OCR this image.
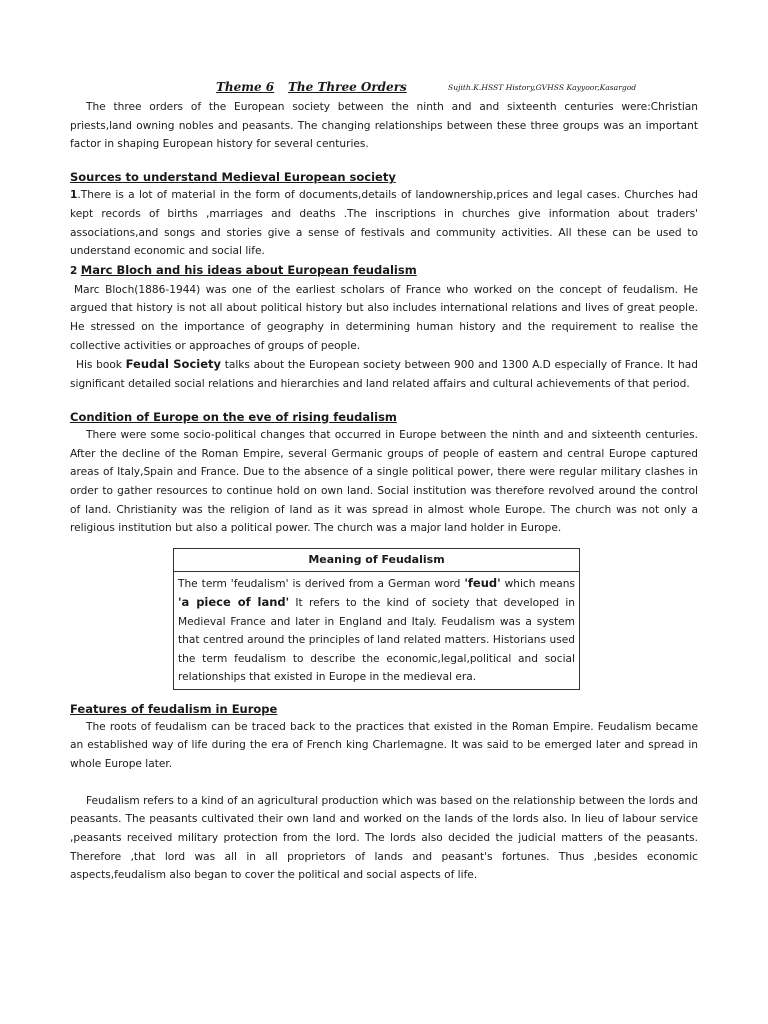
Theme 6 The Three Orders	Sujith.K.HSST History,GVHSS Kayyoor,Kasargod

The three orders of the European society between the ninth and and sixteenth centuries were:Christian priests,land owning nobles and peasants. The changing relationships between these three groups was an important factor in shaping European history for several centuries.

Sources to understand Medieval European society

1.There is a lot of material in the form of documents,details of landownership,prices and legal cases. Churches had kept records of births ,marriages and deaths .The inscriptions in churches give information about traders' associations,and songs and stories give a sense of festivals and community activities. All these can be used to understand economic and social life.

2 Marc Bloch and his ideas about European feudalism

Marc Bloch(1886-1944) was one of the earliest scholars of France who worked on the concept of feudalism. He argued that history is not all about political history but also includes international relations and lives of great people. He stressed on the importance of geography in determining human history and the requirement to realise the collective activities or approaches of groups of people.

His book Feudal Society talks about the European society between 900 and 1300 A.D especially of France. It had significant detailed social relations and hierarchies and land related affairs and cultural achievements of that period.

Condition of Europe on the eve of rising feudalism

There were some socio-political changes that occurred in Europe between the ninth and and sixteenth centuries. After the decline of the Roman Empire, several Germanic groups of people of eastern and central Europe captured areas of Italy,Spain and France. Due to the absence of a single political power, there were regular military clashes in order to gather resources to continue hold on own land. Social institution was therefore revolved around the control of land. Christianity was the religion of land as it was spread in almost whole Europe. The church was not only a religious institution but also a political power. The church was a major land holder in Europe.

Meaning of Feudalism
The term 'feudalism' is derived from a German word 'feud' which means 'a piece of land' It refers to the kind of society that developed in Medieval France and later in England and Italy. Feudalism was a system that centred around the principles of land related matters. Historians used the term feudalism to describe the economic,legal,political and social relationships that existed in Europe in the medieval era.
Features of feudalism in Europe

The roots of feudalism can be traced back to the practices that existed in the Roman Empire. Feudalism became an established way of life during the era of French king Charlemagne. It was said to be emerged later and spread in whole Europe later.

Feudalism refers to a kind of an agricultural production which was based on the relationship between the lords and peasants. The peasants cultivated their own land and worked on the lands of the lords also. In lieu of labour service ,peasants received military protection from the lord. The lords also decided the judicial matters of the peasants. Therefore ,that lord was all in all proprietors of lands and peasant's fortunes. Thus ,besides economic aspects,feudalism also began to cover the political and social aspects of life.
